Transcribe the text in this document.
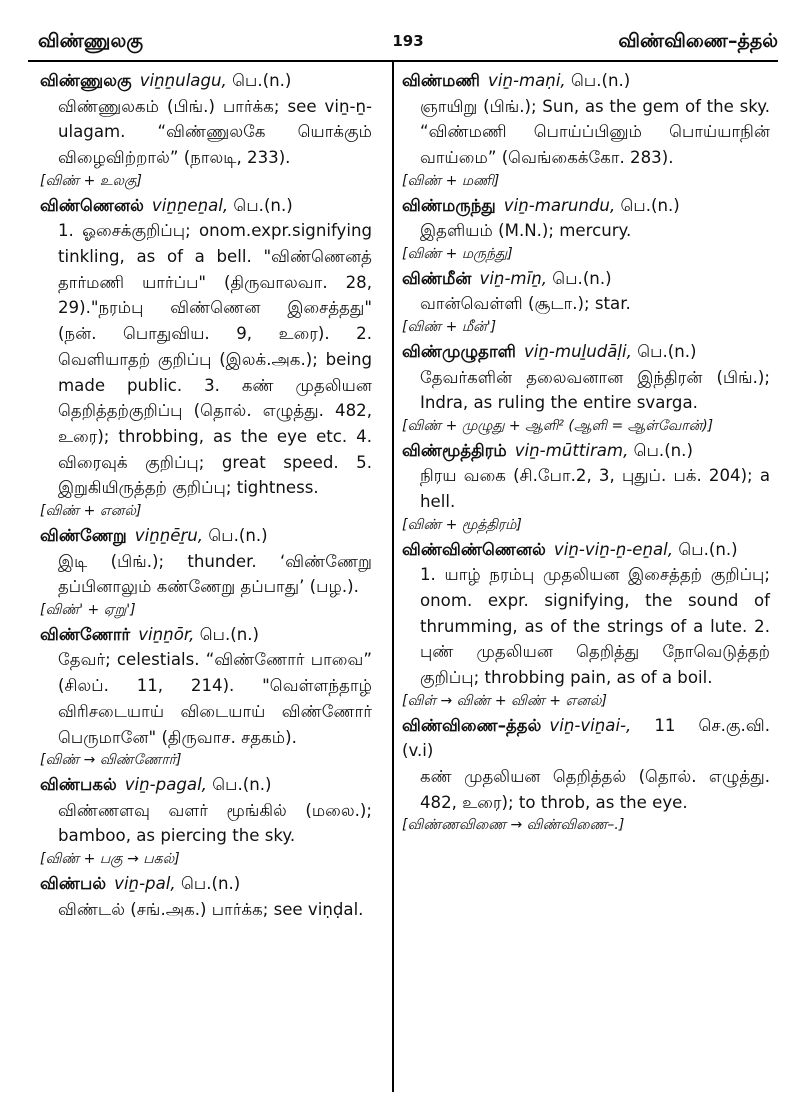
விண்ணுலகு	193	விண்விணை–த்தல்

விண்ணுலகு viṉṉulagu, பெ.(n.)

விண்ணுலகம் (பிங்.) பார்க்க; see viṉ-ṉ-ulagam. “விண்ணுலகே யொக்கும் விழைவிற்றால்” (நாலடி, 233).

[விண் + உலகு]

விண்ணெனல் viṉṉeṉal, பெ.(n.)

1. ஓசைக்குறிப்பு; onom.expr.signifying tinkling, as of a bell. "விண்ணெனத் தார்மணி யார்ப்ப" (திருவாலவா. 28, 29)."நரம்பு விண்ணென இசைத்தது" (நன். பொதுவிய. 9, உரை). 2. வெளியாதற் குறிப்பு (இலக்.அக.); being made public. 3. கண் முதலியன தெறித்தற்குறிப்பு (தொல். எழுத்து. 482, உரை); throbbing, as the eye etc. 4. விரைவுக் குறிப்பு; great speed. 5. இறுகியிருத்தற் குறிப்பு; tightness.

[விண் + எனல்]

விண்ணேறு viṉṉēṟu, பெ.(n.)

இடி (பிங்.); thunder. ‘விண்ணேறு தப்பினாலும் கண்ணேறு தப்பாது’ (பழ.).

[விண்' + ஏறு']

விண்ணோர் viṉṉōr, பெ.(n.)

தேவர்; celestials. “விண்ணோர் பாவை” (சிலப். 11, 214). "வெள்ளந்தாழ் விரிசடையாய் விடையாய் விண்ணோர் பெருமானே" (திருவாச. சதகம்).

[விண் → விண்ணோர்]

விண்பகல் viṉ-pagal, பெ.(n.)

விண்ணளவு வளர் மூங்கில் (மலை.); bamboo, as piercing the sky.

[விண் + பகு → பகல்]

விண்பல் viṉ-pal, பெ.(n.)

விண்டல் (சங்.அக.) பார்க்க; see viṇḍal.

விண்மணி viṉ-maṇi, பெ.(n.)

ஞாயிறு (பிங்.); Sun, as the gem of the sky. “விண்மணி பொய்ப்பினும் பொய்யாநின் வாய்மை” (வெங்கைக்கோ. 283).

[விண் + மணி]

விண்மருந்து viṉ-marundu, பெ.(n.)

இதளியம் (M.N.); mercury.

[விண் + மருந்து]

விண்மீன் viṉ-mīṉ, பெ.(n.)

வான்வெள்ளி (சூடா.); star.

[விண் + மீன்']

விண்முழுதாளி viṉ-muḻudāḷi, பெ.(n.)

தேவர்களின் தலைவனான இந்திரன் (பிங்.); Indra, as ruling the entire svarga.

[விண் + முழுது + ஆளி² (ஆளி = ஆள்வோன்)]

விண்மூத்திரம் viṉ-mūttiram, பெ.(n.)

நிரய வகை (சி.போ.2, 3, புதுப். பக். 204); a hell.

[விண் + மூத்திரம்]

விண்விண்ணெனல் viṉ-viṉ-ṉ-eṉal, பெ.(n.)

1. யாழ் நரம்பு முதலியன இசைத்தற் குறிப்பு; onom. expr. signifying, the sound of thrumming, as of the strings of a lute. 2. புண் முதலியன தெறித்து நோவெடுத்தற் குறிப்பு; throbbing pain, as of a boil.

[விள் → விண் + விண் + எனல்]

விண்விணை–த்தல் viṉ-viṉai-, 11 செ.கு.வி. (v.i)

கண் முதலியன தெறித்தல் (தொல். எழுத்து. 482, உரை); to throb, as the eye.

[விண்ணவிணை → விண்விணை–.]
